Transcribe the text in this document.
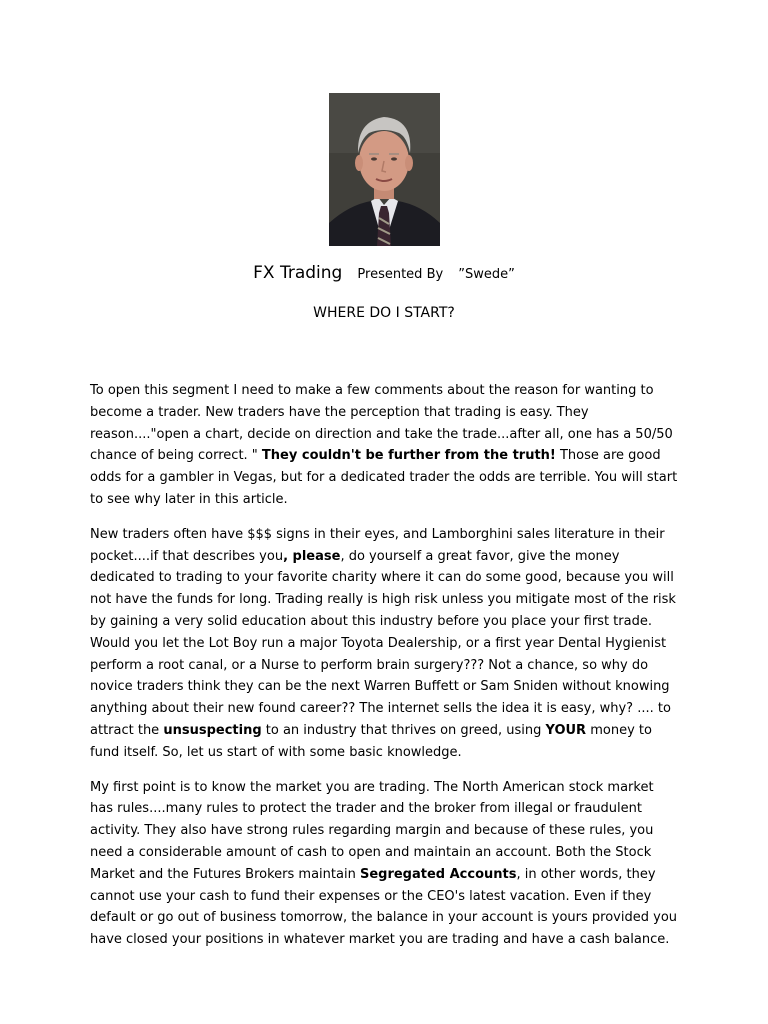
FX Trading Presented By ”Swede”
WHERE DO I START?

To open this segment I need to make a few comments about the reason for wanting to become a trader. New traders have the perception that trading is easy. They reason...."open a chart, decide on direction and take the trade...after all, one has a 50/50 chance of being correct. " They couldn't be further from the truth! Those are good odds for a gambler in Vegas, but for a dedicated trader the odds are terrible. You will start to see why later in this article.

New traders often have $$$ signs in their eyes, and Lamborghini sales literature in their pocket....if that describes you, please, do yourself a great favor, give the money dedicated to trading to your favorite charity where it can do some good, because you will not have the funds for long. Trading really is high risk unless you mitigate most of the risk by gaining a very solid education about this industry before you place your first trade. Would you let the Lot Boy run a major Toyota Dealership, or a first year Dental Hygienist perform a root canal, or a Nurse to perform brain surgery??? Not a chance, so why do novice traders think they can be the next Warren Buffett or Sam Sniden without knowing anything about their new found career?? The internet sells the idea it is easy, why? .... to attract the unsuspecting to an industry that thrives on greed, using YOUR money to fund itself. So, let us start of with some basic knowledge.

My first point is to know the market you are trading. The North American stock market has rules....many rules to protect the trader and the broker from illegal or fraudulent activity. They also have strong rules regarding margin and because of these rules, you need a considerable amount of cash to open and maintain an account. Both the Stock Market and the Futures Brokers maintain Segregated Accounts, in other words, they cannot use your cash to fund their expenses or the CEO's latest vacation. Even if they default or go out of business tomorrow, the balance in your account is yours provided you have closed your positions in whatever market you are trading and have a cash balance.
